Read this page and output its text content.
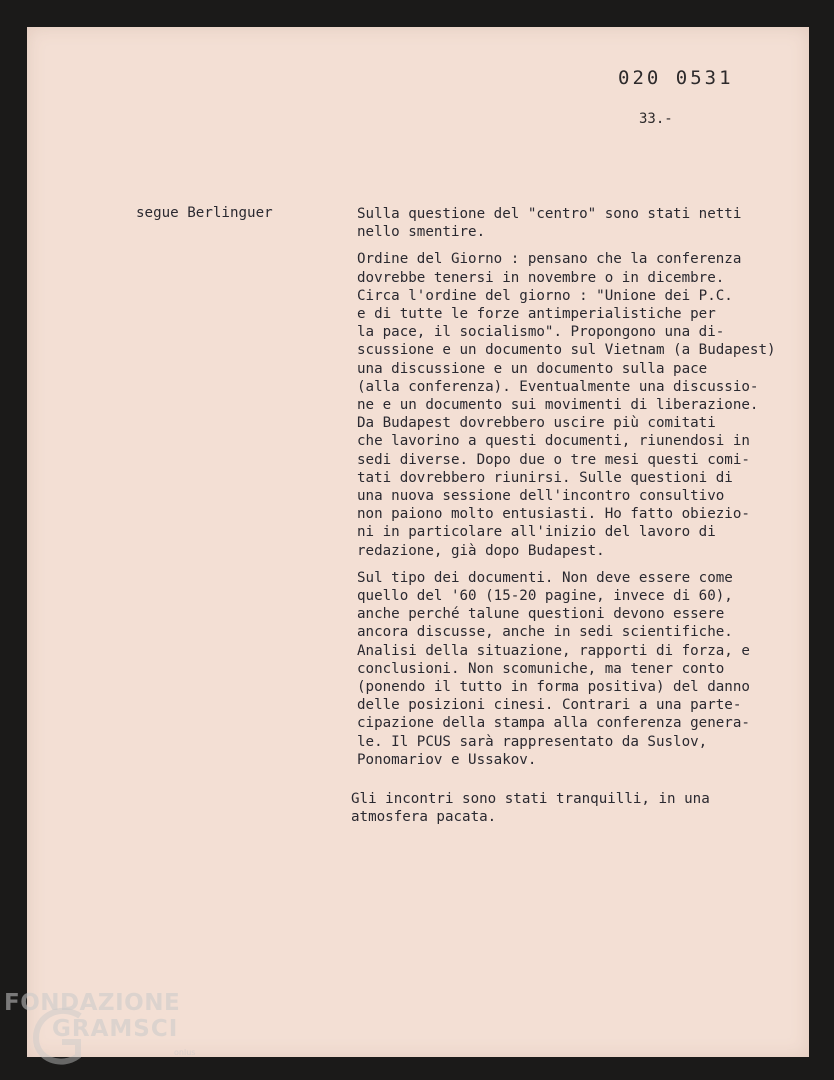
020 0531
33.-
segue Berlinguer	Sulla questione del "centro" sono stati netti
nello smentire.
Ordine del Giorno : pensano che la conferenza
dovrebbe tenersi in novembre o in dicembre.
Circa l'ordine del giorno : "Unione dei P.C.
e di tutte le forze antimperialistiche per
la pace, il socialismo". Propongono una di-
scussione e un documento sul Vietnam (a Budapest)
una discussione e un documento sulla pace
(alla conferenza). Eventualmente una discussio-
ne e un documento sui movimenti di liberazione.
Da Budapest dovrebbero uscire più comitati
che lavorino a questi documenti, riunendosi in
sedi diverse. Dopo due o tre mesi questi comi-
tati dovrebbero riunirsi. Sulle questioni di
una nuova sessione dell'incontro consultivo
non paiono molto entusiasti. Ho fatto obiezio-
ni in particolare all'inizio del lavoro di
redazione, già dopo Budapest.
Sul tipo dei documenti. Non deve essere come
quello del '60 (15-20 pagine, invece di 60),
anche perché talune questioni devono essere
ancora discusse, anche in sedi scientifiche.
Analisi della situazione, rapporti di forza, e
conclusioni. Non scomuniche, ma tener conto
(ponendo il tutto in forma positiva) del danno
delle posizioni cinesi. Contrari a una parte-
cipazione della stampa alla conferenza genera-
le. Il PCUS sarà rappresentato da Suslov,
Ponomariov e Ussakov.
Gli incontri sono stati tranquilli, in una
atmosfera pacata.
FONDAZIONE
GRAMSCI
onlus
